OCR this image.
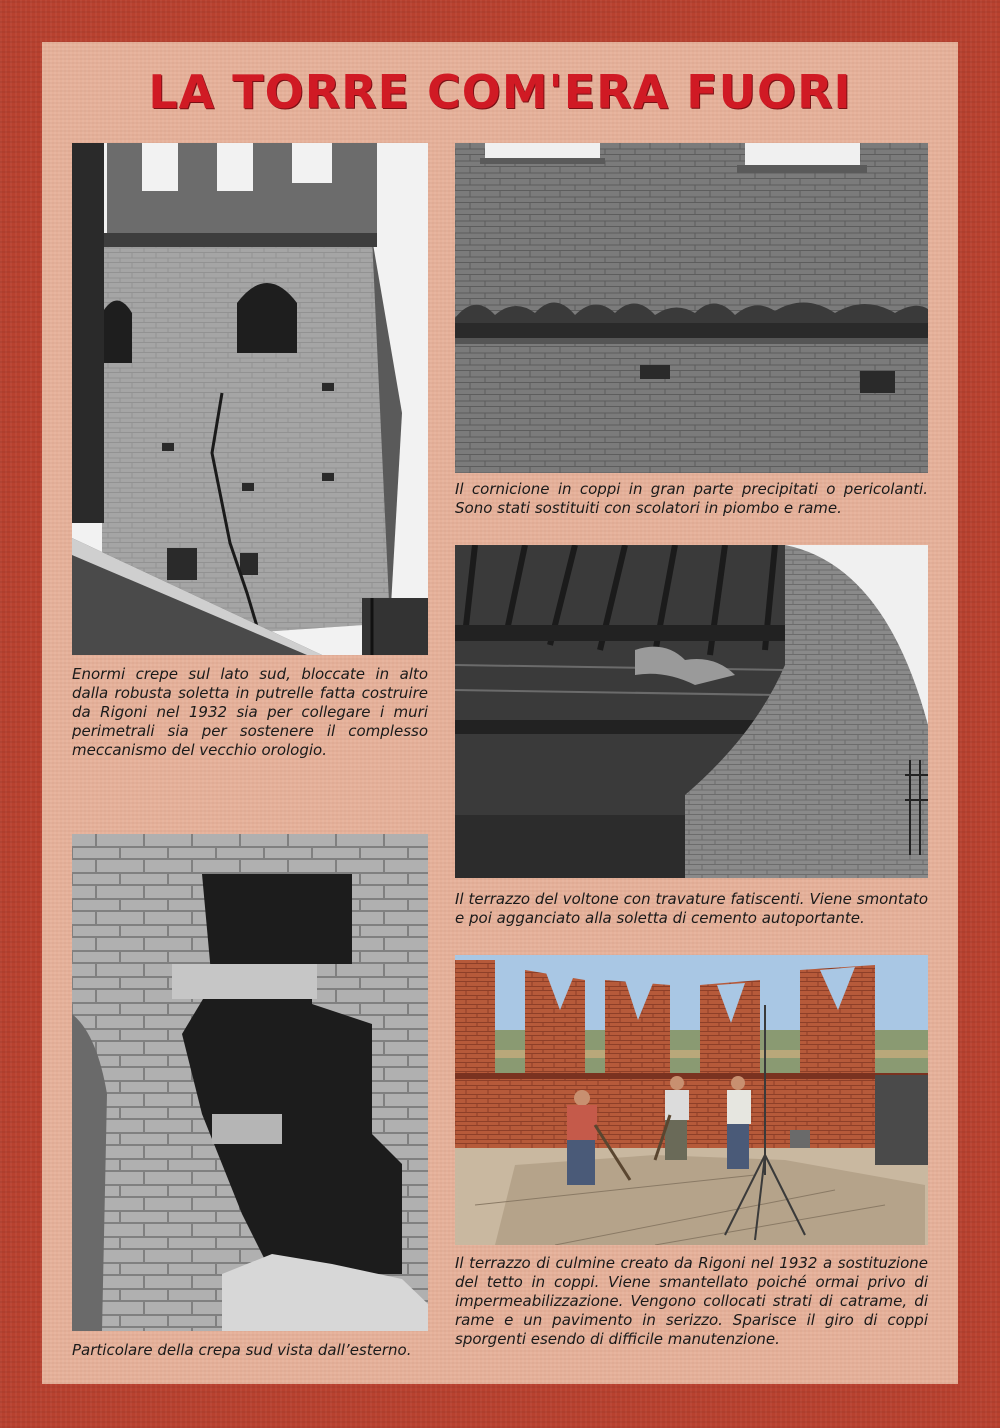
LA TORRE COM'ERA FUORI

Il cornicione in coppi in gran parte precipitati o pericolanti. Sono stati sostituiti con scolatori in piombo e rame.

Enormi crepe sul lato sud, bloccate in alto dalla robusta soletta in putrelle fatta costruire da Rigoni nel 1932 sia per collegare i muri perimetrali sia per sostenere il complesso meccanismo del vecchio orologio.

Il terrazzo del voltone con travature fatiscenti. Viene smontato e poi agganciato alla soletta di cemento autoportante.

Particolare della crepa sud vista dall’esterno.

Il terrazzo di culmine creato da Rigoni nel 1932 a sostituzione del tetto in coppi. Viene smantellato poiché ormai privo di impermeabilizzazione. Vengono collocati strati di catrame, di rame e un pavimento in serizzo. Sparisce il giro di coppi sporgenti esendo di difficile manutenzione.
